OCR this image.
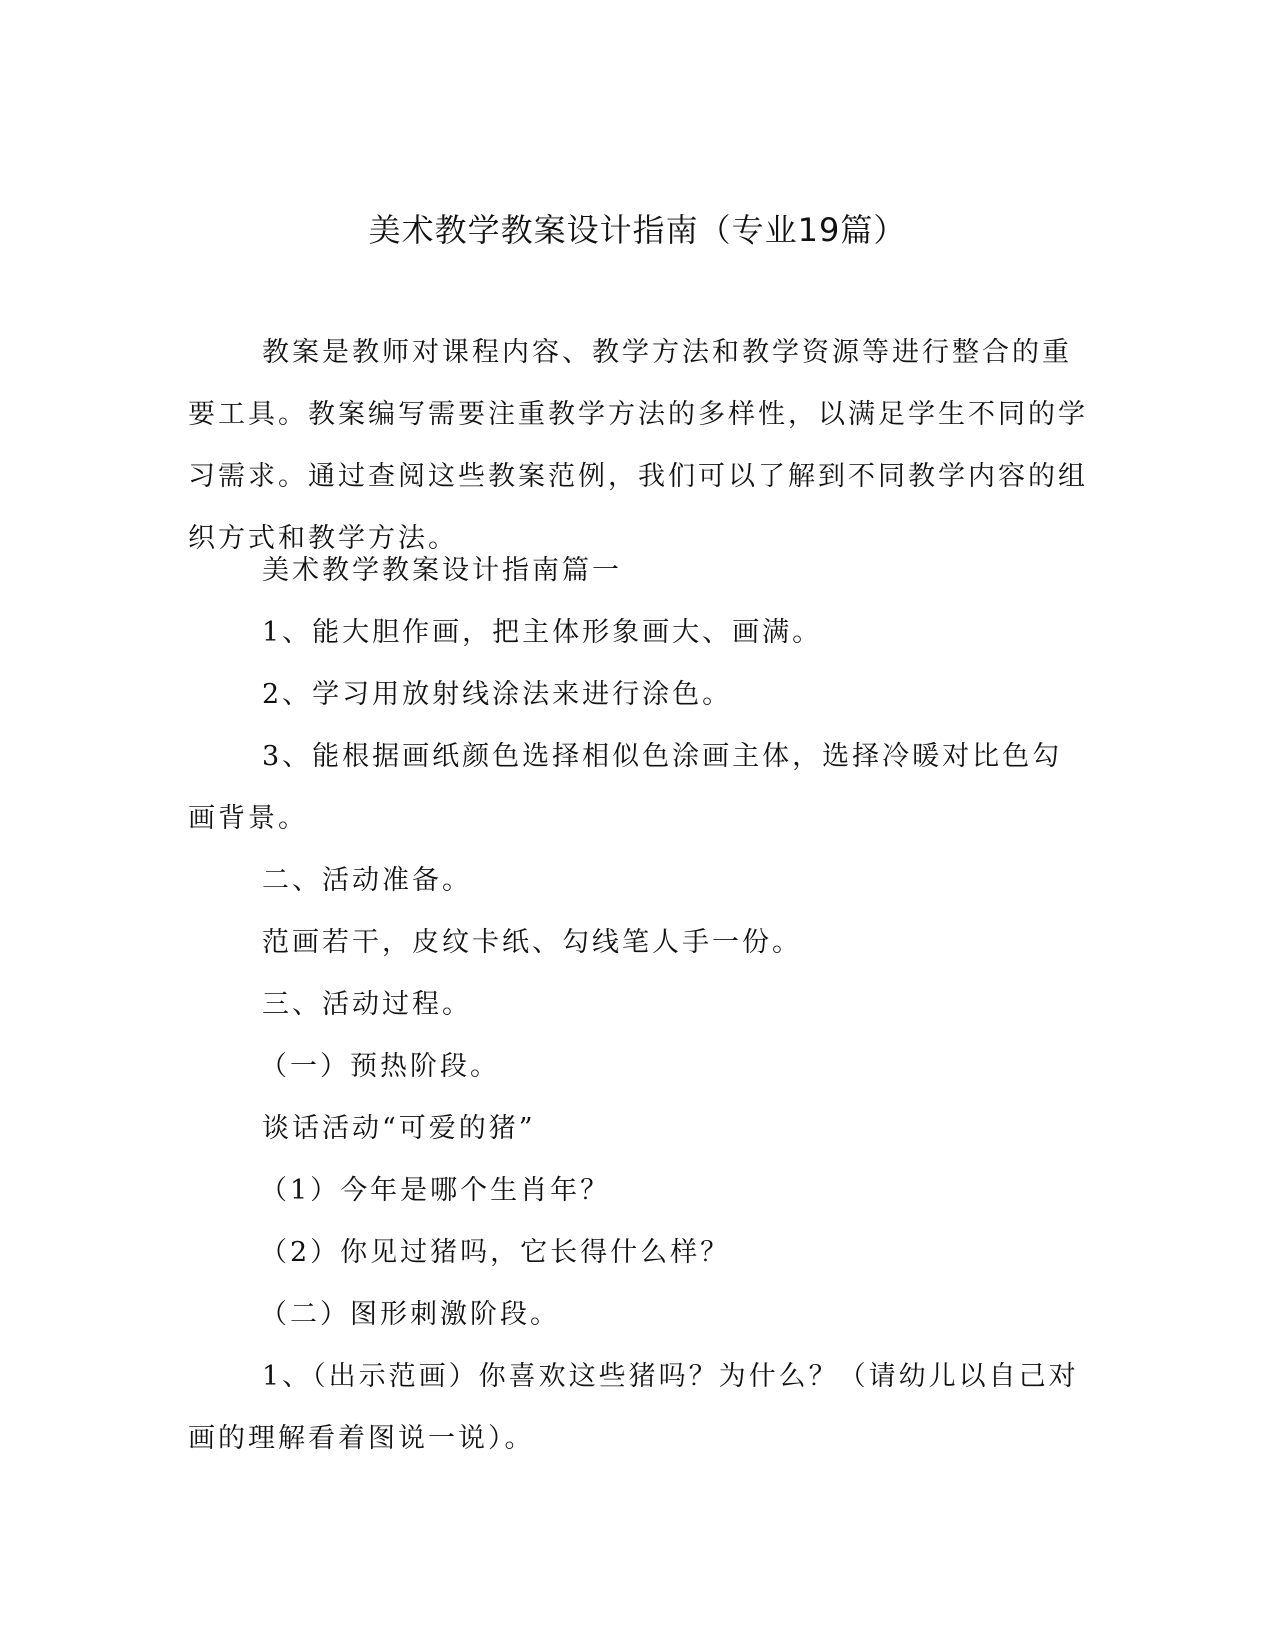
美术教学教案设计指南（专业19篇）

教案是教师对课程内容、教学方法和教学资源等进行整合的重要工具。教案编写需要注重教学方法的多样性，以满足学生不同的学习需求。通过查阅这些教案范例，我们可以了解到不同教学内容的组织方式和教学方法。

美术教学教案设计指南篇一

1、能大胆作画，把主体形象画大、画满。

2、学习用放射线涂法来进行涂色。

3、能根据画纸颜色选择相似色涂画主体，选择冷暖对比色勾画背景。

二、活动准备。

范画若干，皮纹卡纸、勾线笔人手一份。

三、活动过程。

（一）预热阶段。

谈话活动“可爱的猪”

（1）今年是哪个生肖年？

（2）你见过猪吗，它长得什么样？

（二）图形刺激阶段。

1、（出示范画）你喜欢这些猪吗？为什么？（请幼儿以自己对画的理解看着图说一说）。
